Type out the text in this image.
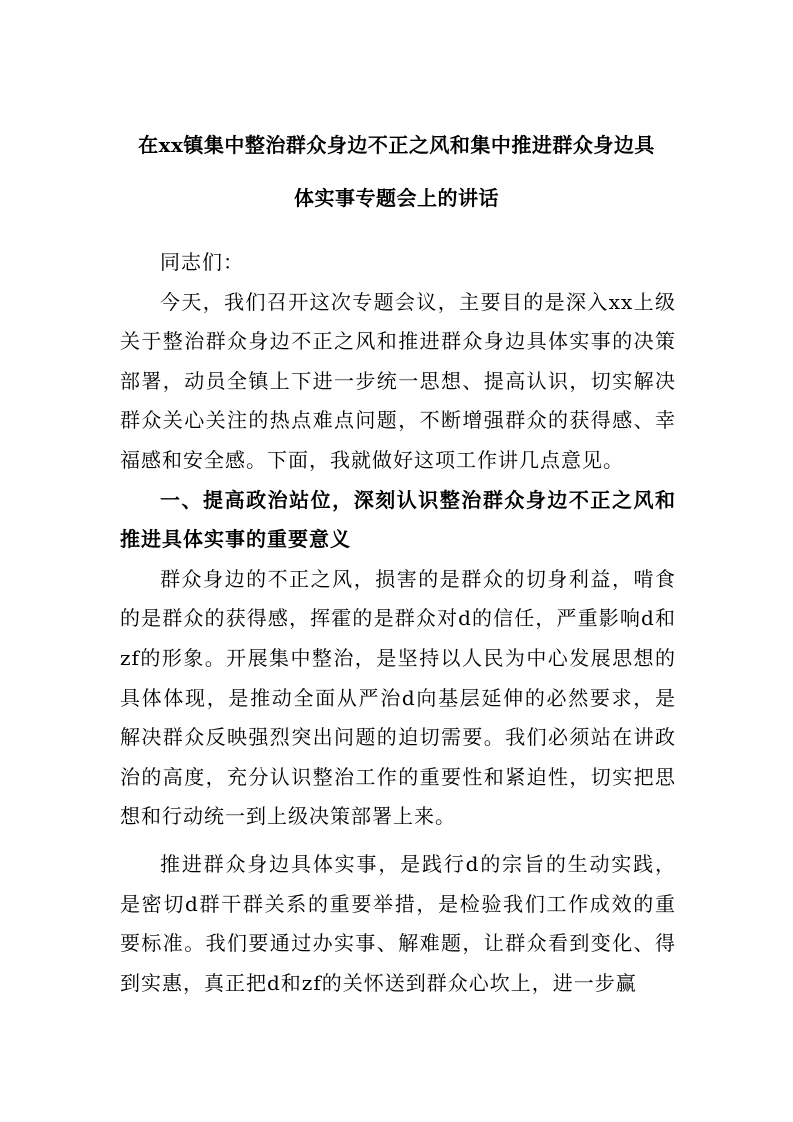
在xx镇集中整治群众身边不正之风和集中推进群众身边具
体实事专题会上的讲话

同志们：

今天，我们召开这次专题会议，主要目的是深入xx上级关于整治群众身边不正之风和推进群众身边具体实事的决策部署，动员全镇上下进一步统一思想、提高认识，切实解决群众关心关注的热点难点问题，不断增强群众的获得感、幸福感和安全感。下面，我就做好这项工作讲几点意见。

一、提高政治站位，深刻认识整治群众身边不正之风和推进具体实事的重要意义

群众身边的不正之风，损害的是群众的切身利益，啃食的是群众的获得感，挥霍的是群众对d的信任，严重影响d和zf的形象。开展集中整治，是坚持以人民为中心发展思想的具体体现，是推动全面从严治d向基层延伸的必然要求，是解决群众反映强烈突出问题的迫切需要。我们必须站在讲政治的高度，充分认识整治工作的重要性和紧迫性，切实把思想和行动统一到上级决策部署上来。

推进群众身边具体实事，是践行d的宗旨的生动实践，是密切d群干群关系的重要举措，是检验我们工作成效的重要标准。我们要通过办实事、解难题，让群众看到变化、得到实惠，真正把d和zf的关怀送到群众心坎上，进一步赢
